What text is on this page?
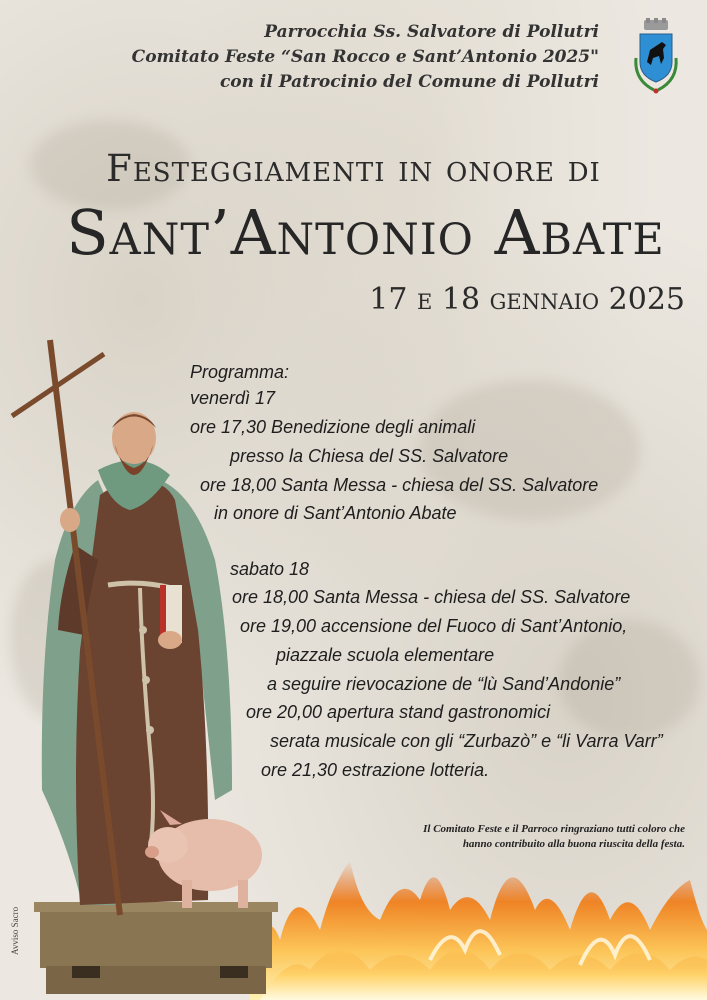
Parrocchia Ss. Salvatore di Pollutri
Comitato Feste “San Rocco e Sant’Antonio 2025"
con il Patrocinio del Comune di Pollutri
Festeggiamenti in onore di
Sant’Antonio Abate
17 e 18 gennaio 2025
Programma:
venerdì 17
ore 17,30 Benedizione degli animali
presso la Chiesa del SS. Salvatore
ore 18,00 Santa Messa - chiesa del SS. Salvatore
in onore di Sant’Antonio Abate
sabato 18
ore 18,00 Santa Messa - chiesa del SS. Salvatore
ore 19,00 accensione del Fuoco di Sant’Antonio,
piazzale scuola elementare
a seguire rievocazione de “lù Sand’Andonie”
ore 20,00 apertura stand gastronomici
serata musicale con gli “Zurbazò” e “li Varra Varr”
ore 21,30 estrazione lotteria.
Il Comitato Feste e il Parroco ringraziano tutti coloro che
hanno contribuito alla buona riuscita della festa.
Avviso Sacro
